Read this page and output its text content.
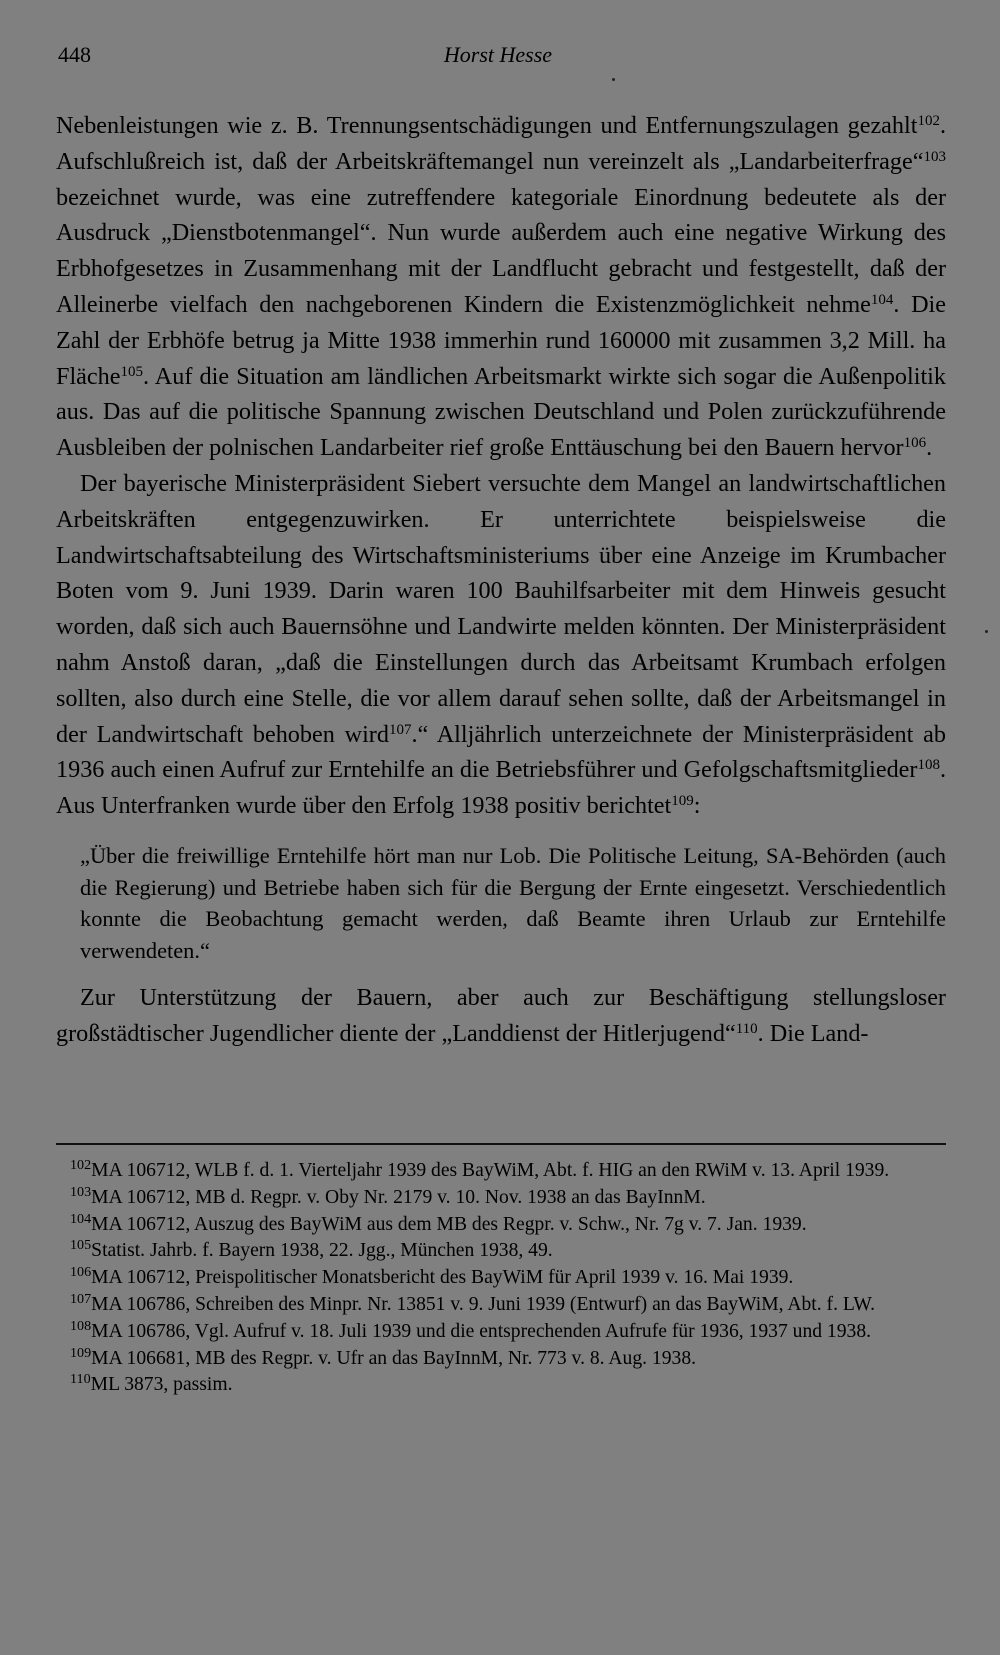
448	Horst Hesse

Nebenleistungen wie z. B. Trennungsentschädigungen und Entfernungszulagen gezahlt$^{102}$. Aufschlußreich ist, daß der Arbeitskräftemangel nun vereinzelt als „Landarbeiterfrage“$^{103}$ bezeichnet wurde, was eine zutreffendere kategoriale Einordnung bedeutete als der Ausdruck „Dienstbotenmangel“. Nun wurde außerdem auch eine negative Wirkung des Erbhofgesetzes in Zusammenhang mit der Landflucht gebracht und festgestellt, daß der Alleinerbe vielfach den nachgeborenen Kindern die Existenzmöglichkeit nehme$^{104}$. Die Zahl der Erbhöfe betrug ja Mitte 1938 immerhin rund 160000 mit zusammen 3,2 Mill. ha Fläche$^{105}$. Auf die Situation am ländlichen Arbeitsmarkt wirkte sich sogar die Außenpolitik aus. Das auf die politische Spannung zwischen Deutschland und Polen zurückzuführende Ausbleiben der polnischen Landarbeiter rief große Enttäuschung bei den Bauern hervor$^{106}$.

Der bayerische Ministerpräsident Siebert versuchte dem Mangel an landwirtschaftlichen Arbeitskräften entgegenzuwirken. Er unterrichtete beispielsweise die Landwirtschaftsabteilung des Wirtschaftsministeriums über eine Anzeige im Krumbacher Boten vom 9. Juni 1939. Darin waren 100 Bauhilfsarbeiter mit dem Hinweis gesucht worden, daß sich auch Bauernsöhne und Landwirte melden könnten. Der Ministerpräsident nahm Anstoß daran, „daß die Einstellungen durch das Arbeitsamt Krumbach erfolgen sollten, also durch eine Stelle, die vor allem darauf sehen sollte, daß der Arbeitsmangel in der Landwirtschaft behoben wird$^{107}$.“ Alljährlich unterzeichnete der Ministerpräsident ab 1936 auch einen Aufruf zur Erntehilfe an die Betriebsführer und Gefolgschaftsmitglieder$^{108}$. Aus Unterfranken wurde über den Erfolg 1938 positiv berichtet$^{109}$:

„Über die freiwillige Erntehilfe hört man nur Lob. Die Politische Leitung, SA-Behörden (auch die Regierung) und Betriebe haben sich für die Bergung der Ernte eingesetzt. Verschiedentlich konnte die Beobachtung gemacht werden, daß Beamte ihren Urlaub zur Erntehilfe verwendeten.“

Zur Unterstützung der Bauern, aber auch zur Beschäftigung stellungsloser großstädtischer Jugendlicher diente der „Landdienst der Hitlerjugend“$^{110}$. Die Land-

$^{102}$MA 106712, WLB f. d. 1. Vierteljahr 1939 des BayWiM, Abt. f. HIG an den RWiM v. 13. April 1939.
$^{103}$MA 106712, MB d. Regpr. v. Oby Nr. 2179 v. 10. Nov. 1938 an das BayInnM.
$^{104}$MA 106712, Auszug des BayWiM aus dem MB des Regpr. v. Schw., Nr. 7g v. 7. Jan. 1939.
$^{105}$Statist. Jahrb. f. Bayern 1938, 22. Jgg., München 1938, 49.
$^{106}$MA 106712, Preispolitischer Monatsbericht des BayWiM für April 1939 v. 16. Mai 1939.
$^{107}$MA 106786, Schreiben des Minpr. Nr. 13851 v. 9. Juni 1939 (Entwurf) an das BayWiM, Abt. f. LW.
$^{108}$MA 106786, Vgl. Aufruf v. 18. Juli 1939 und die entsprechenden Aufrufe für 1936, 1937 und 1938.
$^{109}$MA 106681, MB des Regpr. v. Ufr an das BayInnM, Nr. 773 v. 8. Aug. 1938.
$^{110}$ML 3873, passim.
